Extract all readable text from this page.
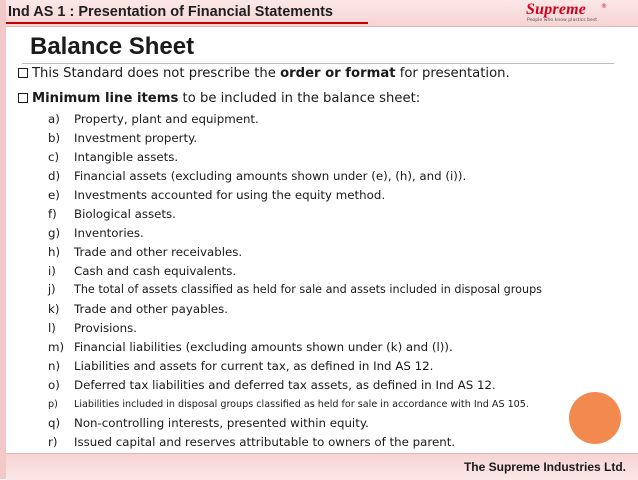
Ind AS 1 : Presentation of Financial Statements	Supreme ®
People who know plastics best
Balance Sheet
This Standard does not prescribe the order or format for presentation.
Minimum line items to be included in the balance sheet:
a) Property, plant and equipment.
b) Investment property.
c) Intangible assets.
d) Financial assets (excluding amounts shown under (e), (h), and (i)).
e) Investments accounted for using the equity method.
f) Biological assets.
g) Inventories.
h) Trade and other receivables.
i) Cash and cash equivalents.
j) The total of assets classified as held for sale and assets included in disposal groups
k) Trade and other payables.
l) Provisions.
m) Financial liabilities (excluding amounts shown under (k) and (l)).
n) Liabilities and assets for current tax, as defined in Ind AS 12.
o) Deferred tax liabilities and deferred tax assets, as defined in Ind AS 12.
p) Liabilities included in disposal groups classified as held for sale in accordance with Ind AS 105.
q) Non-controlling interests, presented within equity.
r) Issued capital and reserves attributable to owners of the parent.
The Supreme Industries Ltd.
